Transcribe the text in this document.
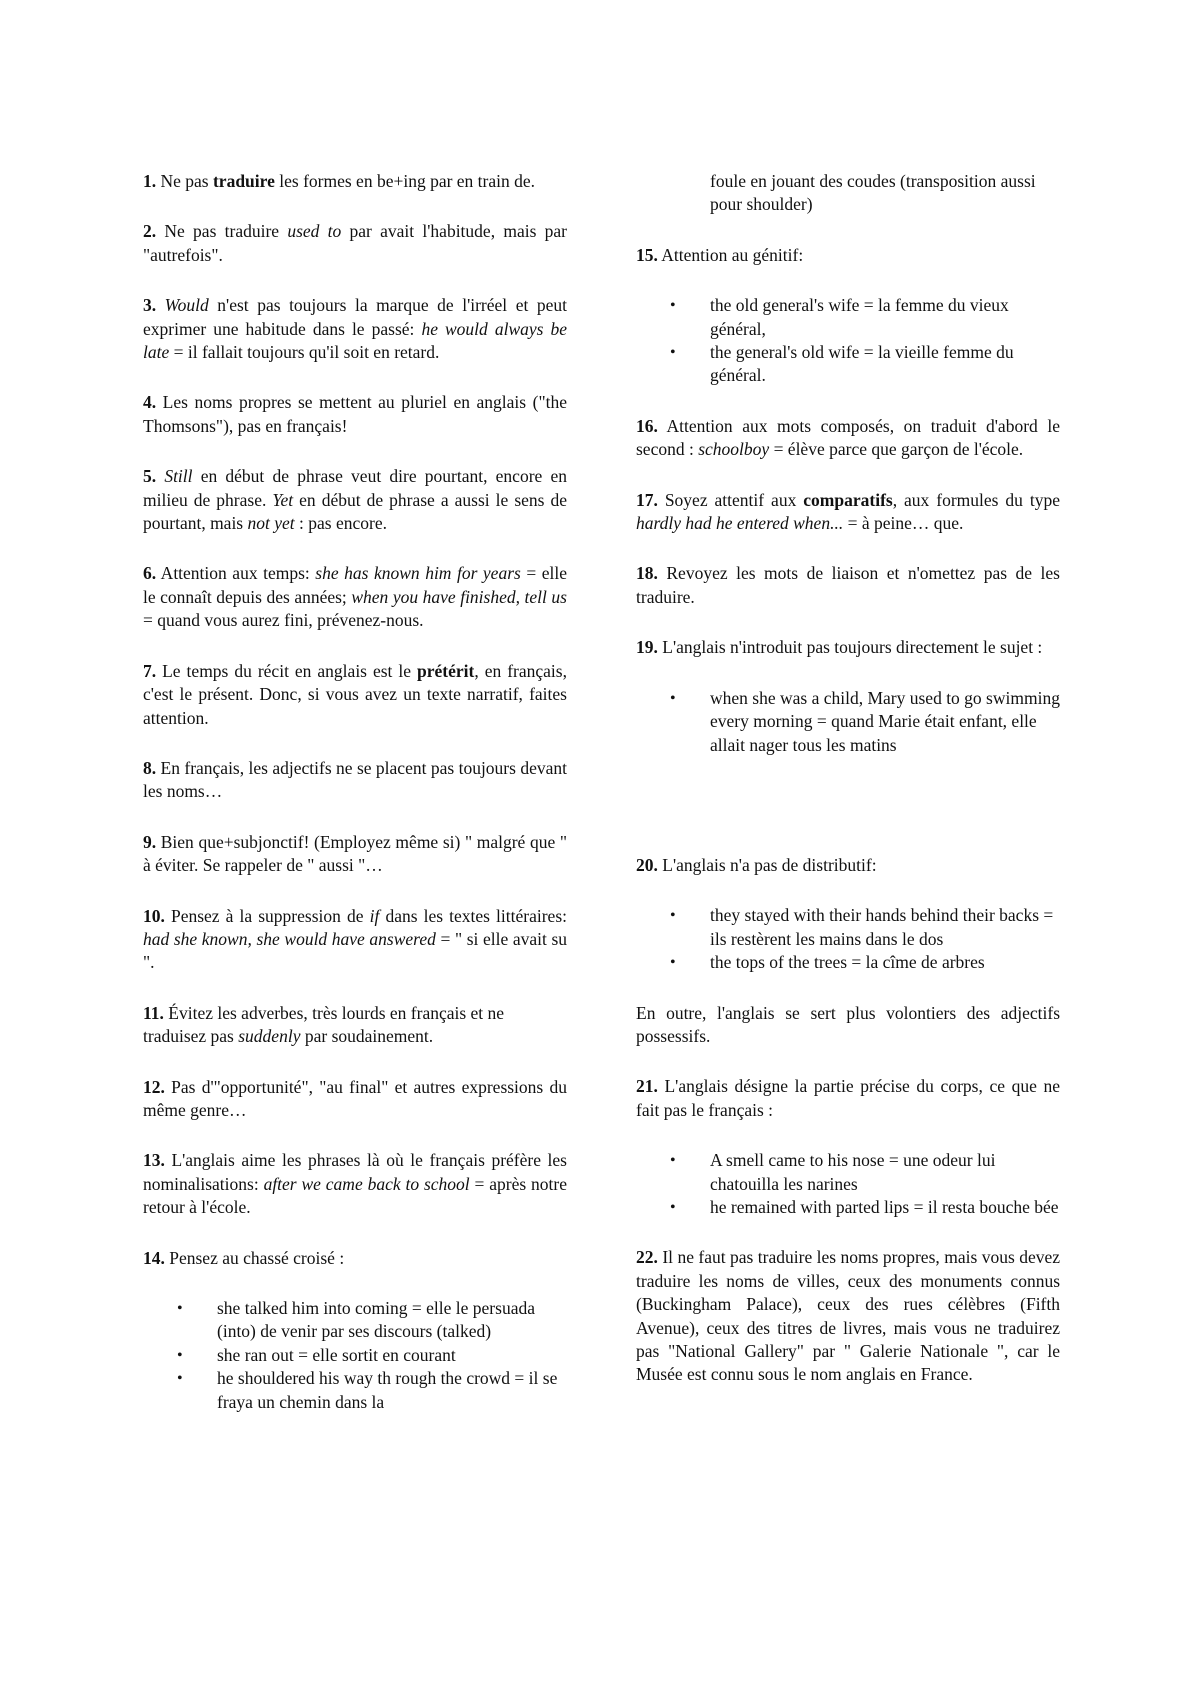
1. Ne pas traduire les formes en be+ing par en train de.

2. Ne pas traduire used to par avait l'habitude, mais par "autrefois".

3. Would n'est pas toujours la marque de l'irréel et peut exprimer une habitude dans le passé: he would always be late = il fallait toujours qu'il soit en retard.

4. Les noms propres se mettent au pluriel en anglais ("the Thomsons"), pas en français!

5. Still en début de phrase veut dire pourtant, encore en milieu de phrase. Yet en début de phrase a aussi le sens de pourtant, mais not yet : pas encore.

6. Attention aux temps: she has known him for years = elle le connaît depuis des années; when you have finished, tell us = quand vous aurez fini, prévenez-nous.

7. Le temps du récit en anglais est le prétérit, en français, c'est le présent. Donc, si vous avez un texte narratif, faites attention.

8. En français, les adjectifs ne se placent pas toujours devant les noms…

9. Bien que+subjonctif! (Employez même si) " malgré que " à éviter. Se rappeler de " aussi "…

10. Pensez à la suppression de if dans les textes littéraires: had she known, she would have answered = " si elle avait su ".

11. Évitez les adverbes, très lourds en français et ne traduisez pas suddenly par soudainement.

12. Pas d'"opportunité", "au final" et autres expressions du même genre…

13. L'anglais aime les phrases là où le français préfère les nominalisations: after we came back to school = après notre retour à l'école.

14. Pensez au chassé croisé :

• she talked him into coming = elle le persuada (into) de venir par ses discours (talked)
• she ran out = elle sortit en courant
• he shouldered his way th rough the crowd = il se fraya un chemin dans la
foule en jouant des coudes (transposition aussi pour shoulder)

15. Attention au génitif:

• the old general's wife = la femme du vieux général,
• the general's old wife = la vieille femme du général.

16. Attention aux mots composés, on traduit d'abord le second : schoolboy = élève parce que garçon de l'école.

17. Soyez attentif aux comparatifs, aux formules du type hardly had he entered when... = à peine… que.

18. Revoyez les mots de liaison et n'omettez pas de les traduire.

19. L'anglais n'introduit pas toujours directement le sujet :

• when she was a child, Mary used to go swimming every morning = quand Marie était enfant, elle allait nager tous les matins

20. L'anglais n'a pas de distributif:

• they stayed with their hands behind their backs = ils restèrent les mains dans le dos
• the tops of the trees = la cîme de arbres

En outre, l'anglais se sert plus volontiers des adjectifs possessifs.

21. L'anglais désigne la partie précise du corps, ce que ne fait pas le français :

• A smell came to his nose = une odeur lui chatouilla les narines
• he remained with parted lips = il resta bouche bée

22. Il ne faut pas traduire les noms propres, mais vous devez traduire les noms de villes, ceux des monuments connus (Buckingham Palace), ceux des rues célèbres (Fifth Avenue), ceux des titres de livres, mais vous ne traduirez pas "National Gallery" par " Galerie Nationale ", car le Musée est connu sous le nom anglais en France.
